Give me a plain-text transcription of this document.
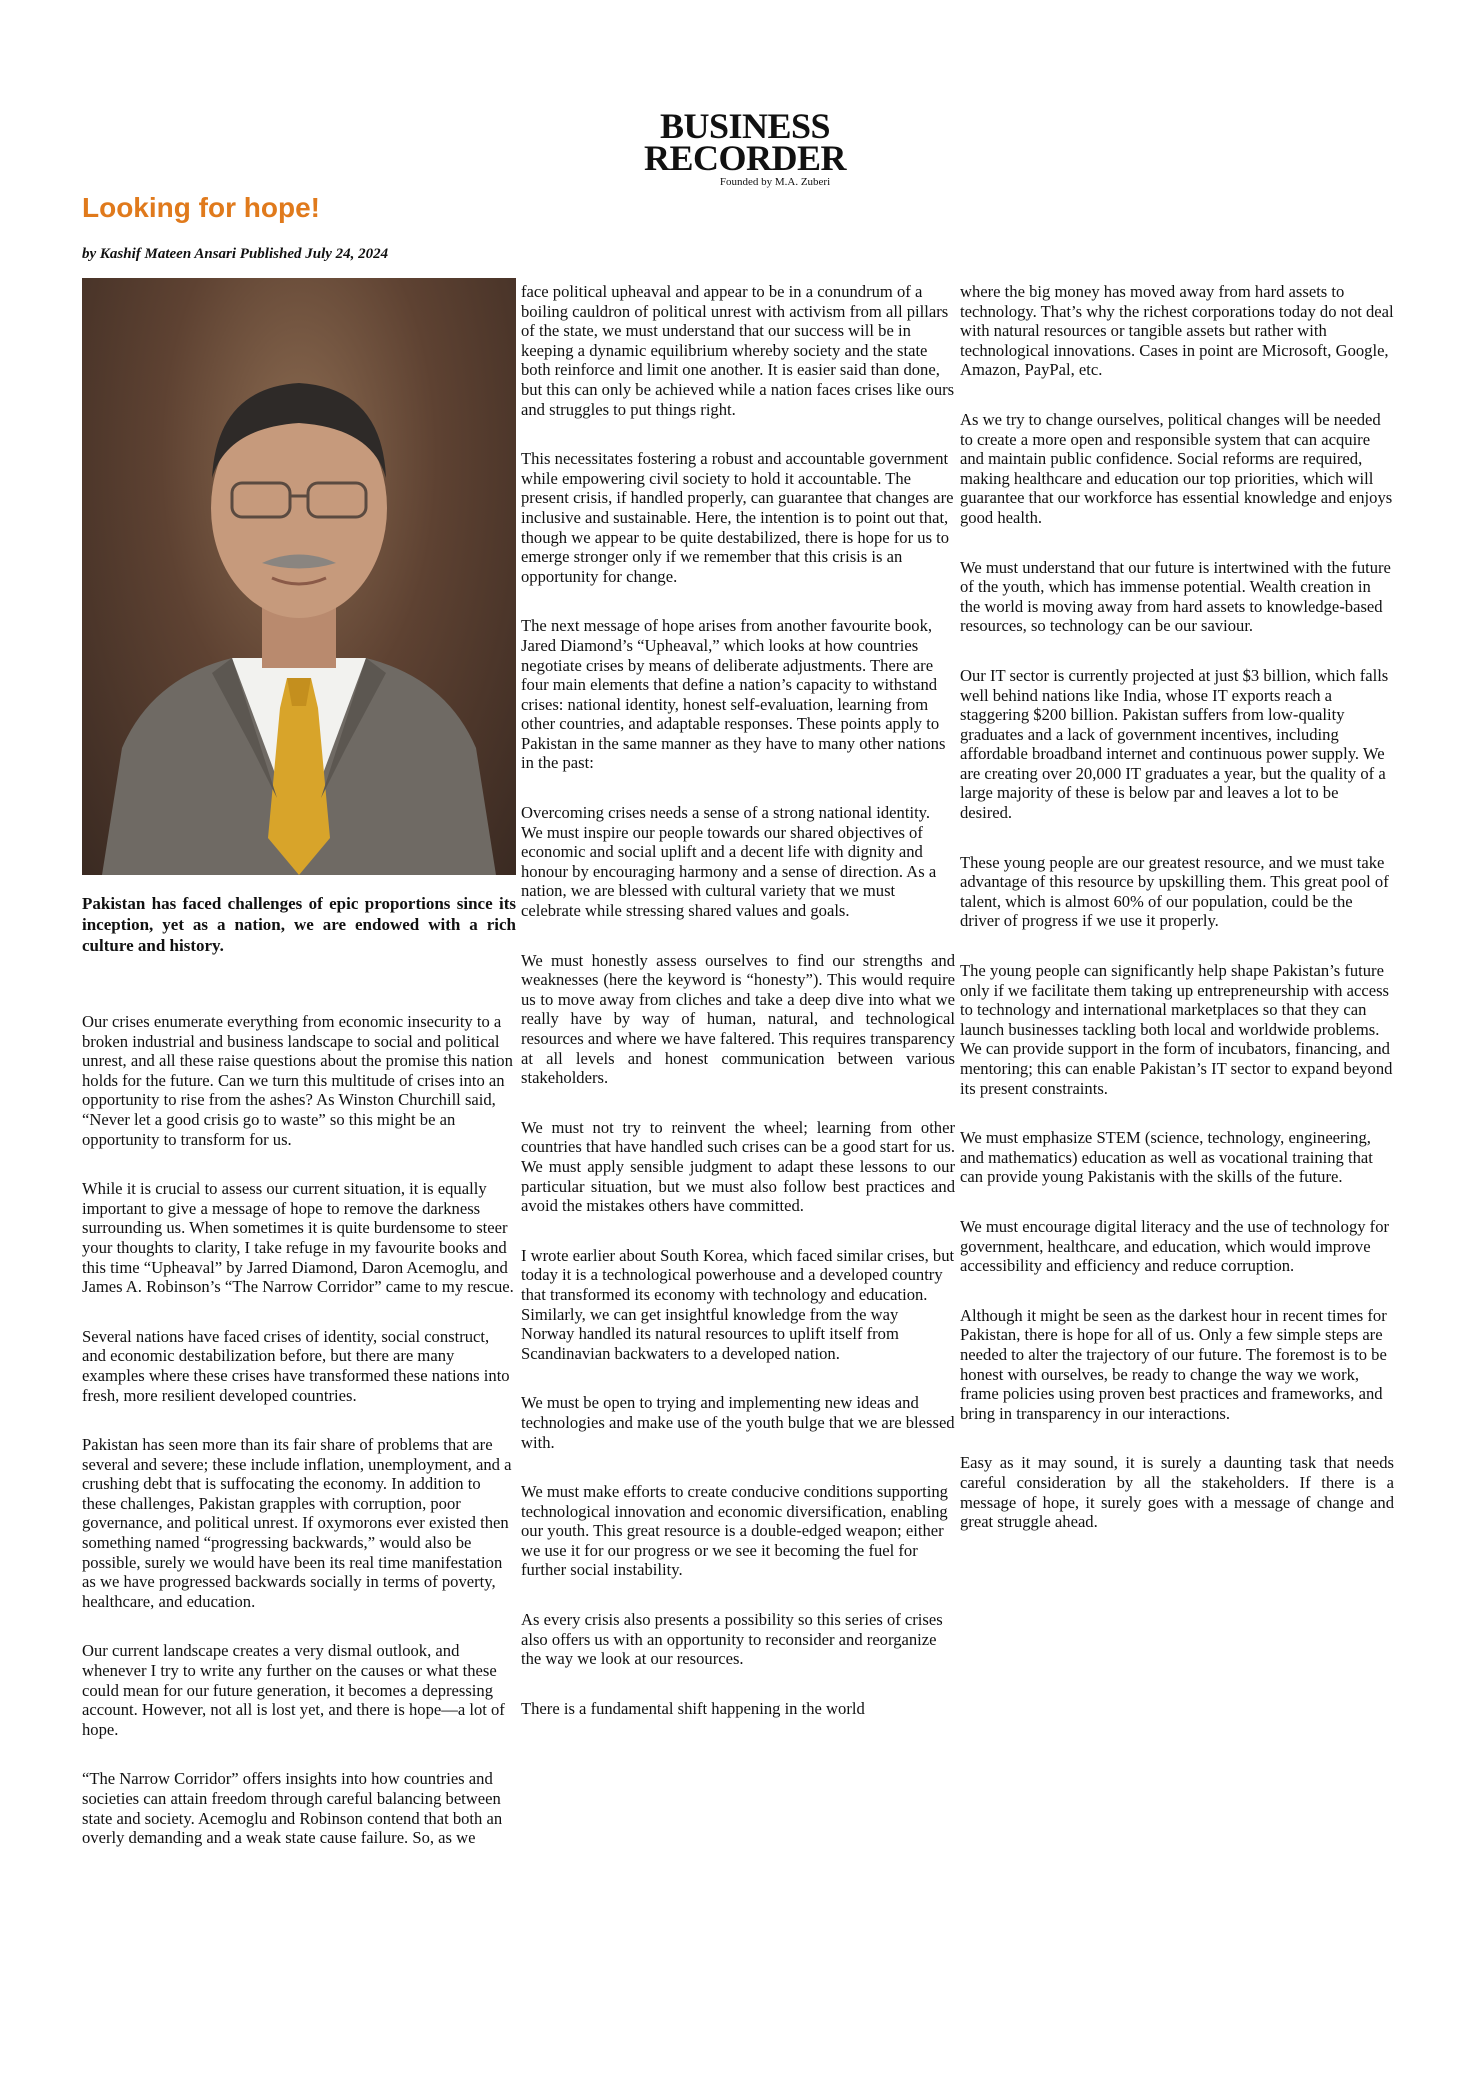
BUSINESS
RECORDER
Founded by M.A. Zuberi
Looking for hope!
by Kashif Mateen Ansari Published July 24, 2024

Pakistan has faced challenges of epic proportions since its inception, yet as a nation, we are endowed with a rich culture and history.

Our crises enumerate everything from economic insecurity to a broken industrial and business landscape to social and political unrest, and all these raise questions about the promise this nation holds for the future. Can we turn this multitude of crises into an opportunity to rise from the ashes? As Winston Churchill said, “Never let a good crisis go to waste” so this might be an opportunity to transform for us.

While it is crucial to assess our current situation, it is equally important to give a message of hope to remove the darkness surrounding us. When sometimes it is quite burdensome to steer your thoughts to clarity, I take refuge in my favourite books and this time “Upheaval” by Jarred Diamond, Daron Acemoglu, and James A. Robinson’s “The Narrow Corridor” came to my rescue.

Several nations have faced crises of identity, social construct, and economic destabilization before, but there are many examples where these crises have transformed these nations into fresh, more resilient developed countries.

Pakistan has seen more than its fair share of problems that are several and severe; these include inflation, unemployment, and a crushing debt that is suffocating the economy. In addition to these challenges, Pakistan grapples with corruption, poor governance, and political unrest. If oxymorons ever existed then something named “progressing backwards,” would also be possible, surely we would have been its real time manifestation as we have progressed backwards socially in terms of poverty, healthcare, and education.

Our current landscape creates a very dismal outlook, and whenever I try to write any further on the causes or what these could mean for our future generation, it becomes a depressing account. However, not all is lost yet, and there is hope—a lot of hope.

“The Narrow Corridor” offers insights into how countries and societies can attain freedom through careful balancing between state and society. Acemoglu and Robinson contend that both an overly demanding and a weak state cause failure. So, as we

face political upheaval and appear to be in a conundrum of a boiling cauldron of political unrest with activism from all pillars of the state, we must understand that our success will be in keeping a dynamic equilibrium whereby society and the state both reinforce and limit one another. It is easier said than done, but this can only be achieved while a nation faces crises like ours and struggles to put things right.

This necessitates fostering a robust and accountable government while empowering civil society to hold it accountable. The present crisis, if handled properly, can guarantee that changes are inclusive and sustainable. Here, the intention is to point out that, though we appear to be quite destabilized, there is hope for us to emerge stronger only if we remember that this crisis is an opportunity for change.

The next message of hope arises from another favourite book, Jared Diamond’s “Upheaval,” which looks at how countries negotiate crises by means of deliberate adjustments. There are four main elements that define a nation’s capacity to withstand crises: national identity, honest self-evaluation, learning from other countries, and adaptable responses. These points apply to Pakistan in the same manner as they have to many other nations in the past:

Overcoming crises needs a sense of a strong national identity. We must inspire our people towards our shared objectives of economic and social uplift and a decent life with dignity and honour by encouraging harmony and a sense of direction. As a nation, we are blessed with cultural variety that we must celebrate while stressing shared values and goals.

We must honestly assess ourselves to find our strengths and weaknesses (here the keyword is “honesty”). This would require us to move away from cliches and take a deep dive into what we really have by way of human, natural, and technological resources and where we have faltered. This requires transparency at all levels and honest communication between various stakeholders.

We must not try to reinvent the wheel; learning from other countries that have handled such crises can be a good start for us. We must apply sensible judgment to adapt these lessons to our particular situation, but we must also follow best practices and avoid the mistakes others have committed.

I wrote earlier about South Korea, which faced similar crises, but today it is a technological powerhouse and a developed country that transformed its economy with technology and education. Similarly, we can get insightful knowledge from the way Norway handled its natural resources to uplift itself from Scandinavian backwaters to a developed nation.

We must be open to trying and implementing new ideas and technologies and make use of the youth bulge that we are blessed with.

We must make efforts to create conducive conditions supporting technological innovation and economic diversification, enabling our youth. This great resource is a double-edged weapon; either we use it for our progress or we see it becoming the fuel for further social instability.

As every crisis also presents a possibility so this series of crises also offers us with an opportunity to reconsider and reorganize the way we look at our resources.

There is a fundamental shift happening in the world

where the big money has moved away from hard assets to technology. That’s why the richest corporations today do not deal with natural resources or tangible assets but rather with technological innovations. Cases in point are Microsoft, Google, Amazon, PayPal, etc.

As we try to change ourselves, political changes will be needed to create a more open and responsible system that can acquire and maintain public confidence. Social reforms are required, making healthcare and education our top priorities, which will guarantee that our workforce has essential knowledge and enjoys good health.

We must understand that our future is intertwined with the future of the youth, which has immense potential. Wealth creation in the world is moving away from hard assets to knowledge-based resources, so technology can be our saviour.

Our IT sector is currently projected at just $3 billion, which falls well behind nations like India, whose IT exports reach a staggering $200 billion. Pakistan suffers from low-quality graduates and a lack of government incentives, including affordable broadband internet and continuous power supply. We are creating over 20,000 IT graduates a year, but the quality of a large majority of these is below par and leaves a lot to be desired.

These young people are our greatest resource, and we must take advantage of this resource by upskilling them. This great pool of talent, which is almost 60% of our population, could be the driver of progress if we use it properly.

The young people can significantly help shape Pakistan’s future only if we facilitate them taking up entrepreneurship with access to technology and international marketplaces so that they can launch businesses tackling both local and worldwide problems. We can provide support in the form of incubators, financing, and mentoring; this can enable Pakistan’s IT sector to expand beyond its present constraints.

We must emphasize STEM (science, technology, engineering, and mathematics) education as well as vocational training that can provide young Pakistanis with the skills of the future.

We must encourage digital literacy and the use of technology for government, healthcare, and education, which would improve accessibility and efficiency and reduce corruption.

Although it might be seen as the darkest hour in recent times for Pakistan, there is hope for all of us. Only a few simple steps are needed to alter the trajectory of our future. The foremost is to be honest with ourselves, be ready to change the way we work, frame policies using proven best practices and frameworks, and bring in transparency in our interactions.

Easy as it may sound, it is surely a daunting task that needs careful consideration by all the stakeholders. If there is a message of hope, it surely goes with a message of change and great struggle ahead.
